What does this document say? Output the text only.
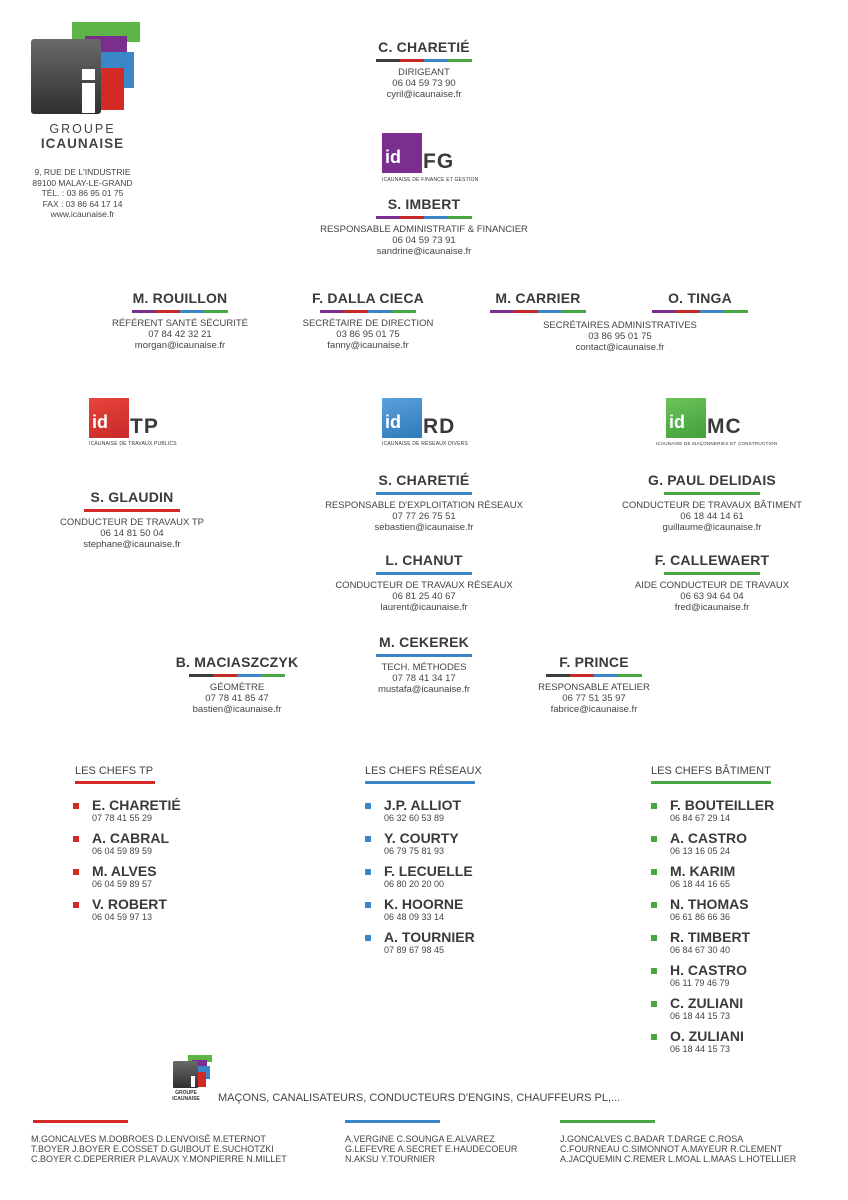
GROUPE
ICAUNAISE
9, RUE DE L'INDUSTRIE
89100 MALAY-LE-GRAND
TÉL. : 03 86 95 01 75
FAX : 03 86 64 17 14
www.icaunaise.fr
C. CHARETIÉ
DIRIGEANT
06 04 59 73 90
cyril@icaunaise.fr
id FG
ICAUNAISE DE FINANCE ET GESTION
S. IMBERT
RESPONSABLE ADMINISTRATIF & FINANCIER
06 04 59 73 91
sandrine@icaunaise.fr
M. ROUILLON
RÉFÉRENT SANTÉ SÉCURITÉ
07 84 42 32 21
morgan@icaunaise.fr
F. DALLA CIECA
SECRÉTAIRE DE DIRECTION
03 86 95 01 75
fanny@icaunaise.fr
M. CARRIER	O. TINGA
SECRÉTAIRES ADMINISTRATIVES
03 86 95 01 75
contact@icaunaise.fr
id TP
ICAUNAISE DE TRAVAUX PUBLICS
id RD
ICAUNAISE DE RÉSEAUX DIVERS
id MC
ICAUNAISE DE MAÇONNERIES ET CONSTRUCTION
S. GLAUDIN
CONDUCTEUR DE TRAVAUX TP
06 14 81 50 04
stephane@icaunaise.fr
S. CHARETIÉ
RESPONSABLE D'EXPLOITATION RÉSEAUX
07 77 26 75 51
sebastien@icaunaise.fr
L. CHANUT
CONDUCTEUR DE TRAVAUX RÉSEAUX
06 81 25 40 67
laurent@icaunaise.fr
M. CEKEREK
TECH. MÉTHODES
07 78 41 34 17
mustafa@icaunaise.fr
G. PAUL DELIDAIS
CONDUCTEUR DE TRAVAUX BÂTIMENT
06 18 44 14 61
guillaume@icaunaise.fr
F. CALLEWAERT
AIDE CONDUCTEUR DE TRAVAUX
06 63 94 64 04
fred@icaunaise.fr
B. MACIASZCZYK
GÉOMÈTRE
07 78 41 85 47
bastien@icaunaise.fr
F. PRINCE
RESPONSABLE ATELIER
06 77 51 35 97
fabrice@icaunaise.fr
LES CHEFS TP
E. CHARETIÉ
07 78 41 55 29
A. CABRAL
06 04 59 89 59
M. ALVES
06 04 59 89 57
V. ROBERT
06 04 59 97 13
LES CHEFS RÉSEAUX
J.P. ALLIOT
06 32 60 53 89
Y. COURTY
06 79 75 81 93
F. LECUELLE
06 80 20 20 00
K. HOORNE
06 48 09 33 14
A. TOURNIER
07 89 67 98 45
LES CHEFS BÂTIMENT
F. BOUTEILLER
06 84 67 29 14
A. CASTRO
06 13 16 05 24
M. KARIM
06 18 44 16 65
N. THOMAS
06 61 86 66 36
R. TIMBERT
06 84 67 30 40
H. CASTRO
06 11 79 46 79
C. ZULIANI
06 18 44 15 73
O. ZULIANI
06 18 44 15 73
GROUPE
ICAUNAISE	MAÇONS, CANALISATEURS, CONDUCTEURS D'ENGINS, CHAUFFEURS PL,...
M.GONCALVES M.DOBROES D.LENVOISÉ M.ETERNOT
T.BOYER J.BOYER E.COSSET D.GUIBOUT E.SUCHOTZKI
C.BOYER C.DEPERRIER P.LAVAUX Y.MONPIERRE N.MILLET
A.VERGINE C.SOUNGA E.ALVAREZ
G.LEFEVRE A.SECRET E.HAUDECOEUR
N.AKSU Y.TOURNIER
J.GONCALVES C.BADAR T.DARGE C.ROSA
C.FOURNEAU C.SIMONNOT A.MAYEUR R.CLEMENT
A.JACQUEMIN C.REMER L.MOAL L.MAAS L.HOTELLIER
